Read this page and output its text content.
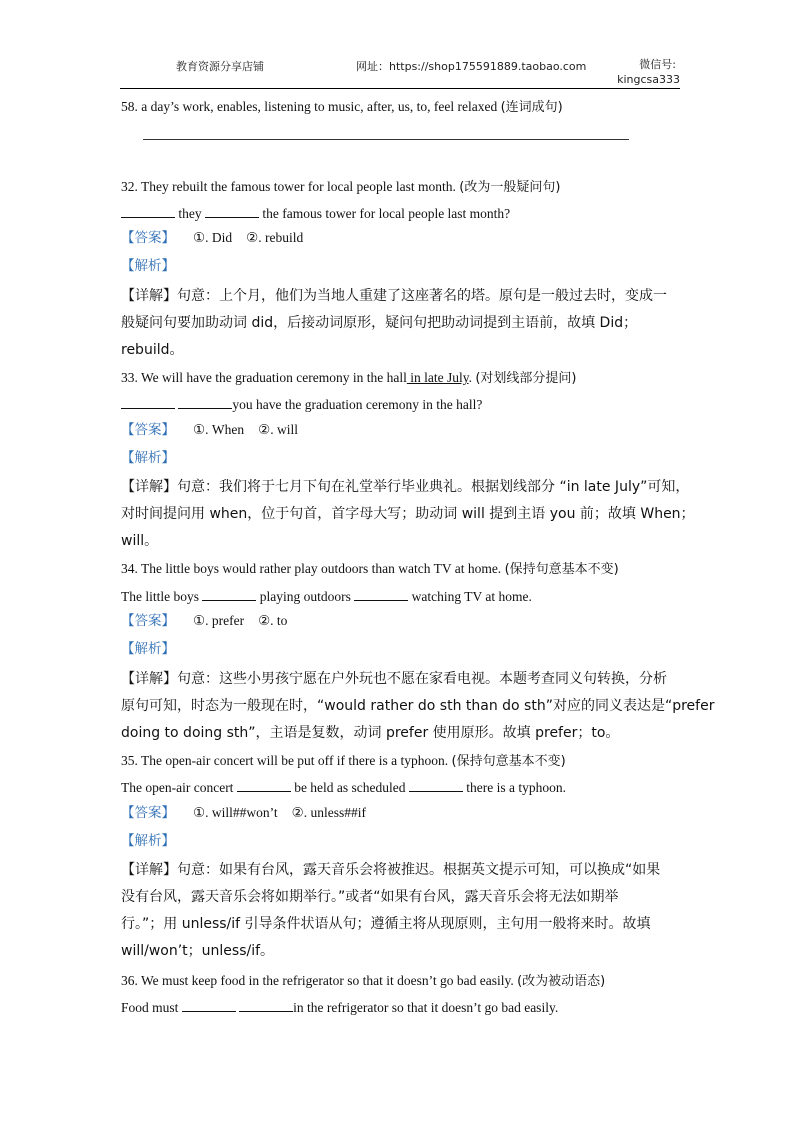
教育资源分享店铺	网址：https://shop175591889.taobao.com	微信号:
kingcsa333
58. a day’s work, enables, listening to music, after, us, to, feel relaxed (连词成句)
32. They rebuilt the famous tower for local people last month. (改为一般疑问句)
they	the famous tower for local people last month?
【答案】 ①. Did ②. rebuild
【解析】
【详解】句意：上个月，他们为当地人重建了这座著名的塔。原句是一般过去时，变成一
般疑问句要加助动词 did，后接动词原形，疑问句把助动词提到主语前，故填 Did；
rebuild。
33. We will have the graduation ceremony in the hall in late July. (对划线部分提问)
you have the graduation ceremony in the hall?
【答案】 ①. When ②. will
【解析】
【详解】句意：我们将于七月下旬在礼堂举行毕业典礼。根据划线部分 “in late July”可知，
对时间提问用 when，位于句首，首字母大写；助动词 will 提到主语 you 前；故填 When；
will。
34. The little boys would rather play outdoors than watch TV at home. (保持句意基本不变)
The little boys	playing outdoors	watching TV at home.
【答案】 ①. prefer ②. to
【解析】
【详解】句意：这些小男孩宁愿在户外玩也不愿在家看电视。本题考查同义句转换，分析
原句可知，时态为一般现在时，“would rather do sth than do sth”对应的同义表达是“prefer
doing to doing sth”，主语是复数，动词 prefer 使用原形。故填 prefer；to。
35. The open-air concert will be put off if there is a typhoon. (保持句意基本不变)
The open-air concert	be held as scheduled	there is a typhoon.
【答案】 ①. will##won’t ②. unless##if
【解析】
【详解】句意：如果有台风，露天音乐会将被推迟。根据英文提示可知，可以换成“如果
没有台风，露天音乐会将如期举行。”或者“如果有台风，露天音乐会将无法如期举
行。”；用 unless/if 引导条件状语从句；遵循主将从现原则，主句用一般将来时。故填
will/won’t；unless/if。
36. We must keep food in the refrigerator so that it doesn’t go bad easily. (改为被动语态)
Food must	in the refrigerator so that it doesn’t go bad easily.
